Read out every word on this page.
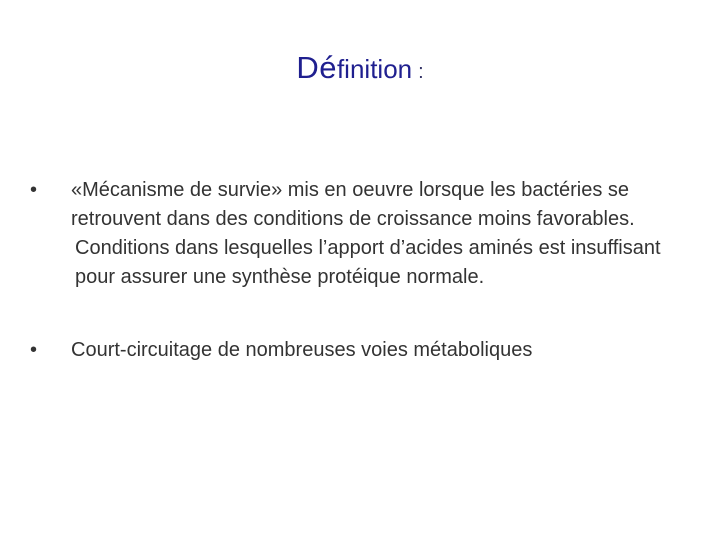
Définition :
• «Mécanisme de survie» mis en oeuvre lorsque les bactéries se retrouvent dans des conditions de croissance moins favorables.
Conditions dans lesquelles l’apport d’acides aminés est insuffisant pour assurer une synthèse protéique normale.
• Court-circuitage de nombreuses voies métaboliques
